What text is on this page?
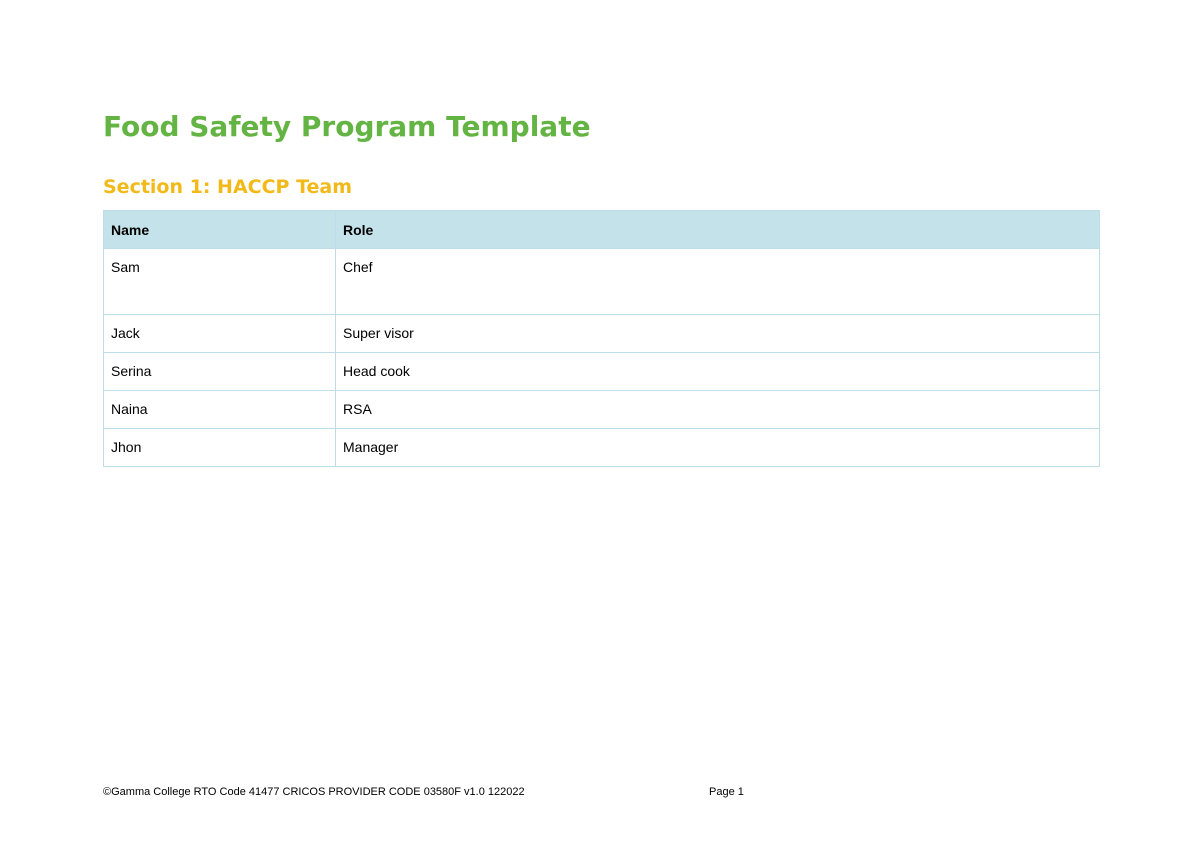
Food Safety Program Template
Section 1: HACCP Team
Name	Role
Sam	Chef
Jack	Super visor
Serina	Head cook
Naina	RSA
Jhon	Manager
©Gamma College RTO Code 41477 CRICOS PROVIDER CODE 03580F v1.0 122022	Page 1
